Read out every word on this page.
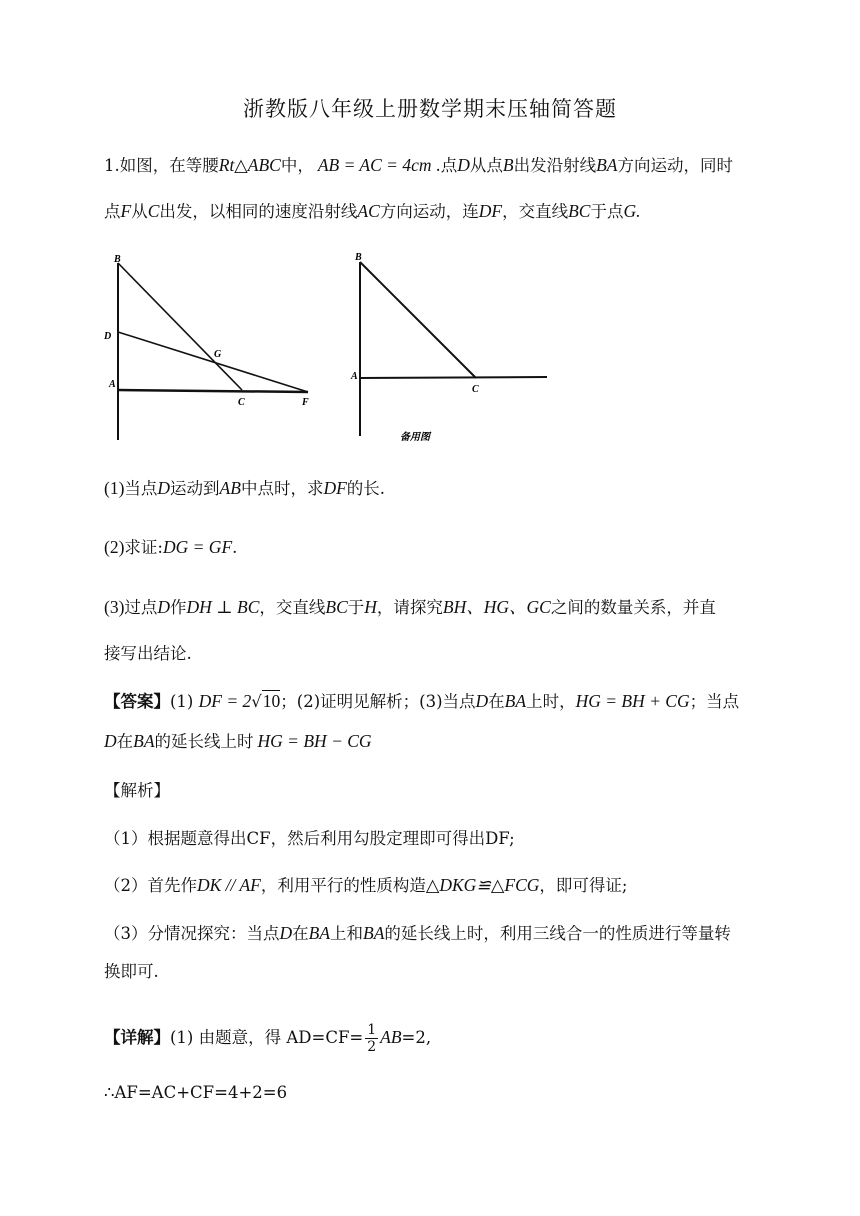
浙教版八年级上册数学期末压轴简答题
1.如图，在等腰Rt△ABC中， AB = AC = 4cm .点D从点B出发沿射线BA方向运动，同时
点F从C出发，以相同的速度沿射线AC方向运动，连DF，交直线BC于点G.
B
D
G
A
C	F
B
A
C
备用图
(1)当点D运动到AB中点时，求DF的长.
(2)求证:DG = GF.
(3)过点D作DH ⊥ BC，交直线BC于H，请探究BH、HG、GC之间的数量关系，并直
接写出结论.
【答案】(1) DF = 2√10；(2)证明见解析；(3)当点D在BA上时，HG = BH + CG；当点
D在BA的延长线上时 HG = BH − CG
【解析】
（1）根据题意得出CF，然后利用勾股定理即可得出DF;
（2）首先作DK // AF，利用平行的性质构造△DKG≌△FCG，即可得证;
（3）分情况探究：当点D在BA上和BA的延长线上时，利用三线合一的性质进行等量转
换即可.
【详解】(1) 由题意，得 $AD=CF= \frac{1}{2} AB=2$,
∴AF=AC+CF=4+2=6
